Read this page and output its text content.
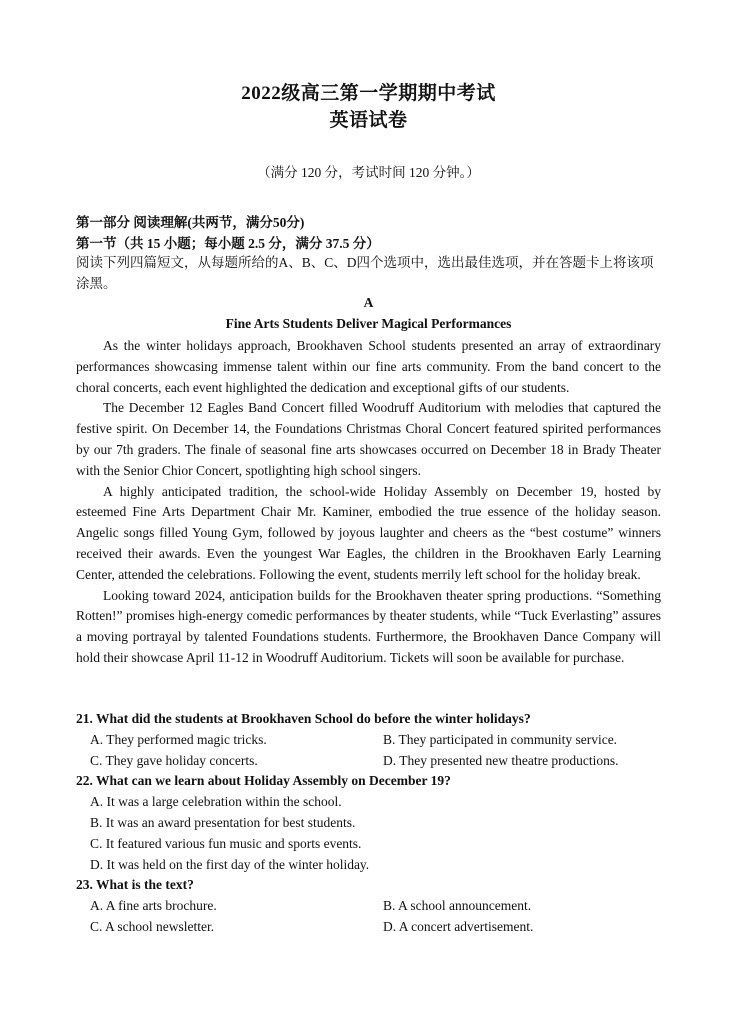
2022级高三第一学期期中考试
英语试卷
（满分 120 分，考试时间 120 分钟。）
第一部分 阅读理解(共两节，满分50分)
第一节（共 15 小题；每小题 2.5 分，满分 37.5 分）
阅读下列四篇短文，从每题所给的A、B、C、D四个选项中，选出最佳选项，并在答题卡上将该项涂黑。
A
Fine Arts Students Deliver Magical Performances

As the winter holidays approach, Brookhaven School students presented an array of extraordinary performances showcasing immense talent within our fine arts community. From the band concert to the choral concerts, each event highlighted the dedication and exceptional gifts of our students.

The December 12 Eagles Band Concert filled Woodruff Auditorium with melodies that captured the festive spirit. On December 14, the Foundations Christmas Choral Concert featured spirited performances by our 7th graders. The finale of seasonal fine arts showcases occurred on December 18 in Brady Theater with the Senior Chior Concert, spotlighting high school singers.

A highly anticipated tradition, the school-wide Holiday Assembly on December 19, hosted by esteemed Fine Arts Department Chair Mr. Kaminer, embodied the true essence of the holiday season. Angelic songs filled Young Gym, followed by joyous laughter and cheers as the “best costume” winners received their awards. Even the youngest War Eagles, the children in the Brookhaven Early Learning Center, attended the celebrations. Following the event, students merrily left school for the holiday break.

Looking toward 2024, anticipation builds for the Brookhaven theater spring productions. “Something Rotten!” promises high-energy comedic performances by theater students, while “Tuck Everlasting” assures a moving portrayal by talented Foundations students. Furthermore, the Brookhaven Dance Company will hold their showcase April 11-12 in Woodruff Auditorium. Tickets will soon be available for purchase.

21. What did the students at Brookhaven School do before the winter holidays?
A. They performed magic tricks.	B. They participated in community service.
C. They gave holiday concerts.	D. They presented new theatre productions.
22. What can we learn about Holiday Assembly on December 19?
A. It was a large celebration within the school.
B. It was an award presentation for best students.
C. It featured various fun music and sports events.
D. It was held on the first day of the winter holiday.
23. What is the text?
A. A fine arts brochure.	B. A school announcement.
C. A school newsletter.	D. A concert advertisement.
